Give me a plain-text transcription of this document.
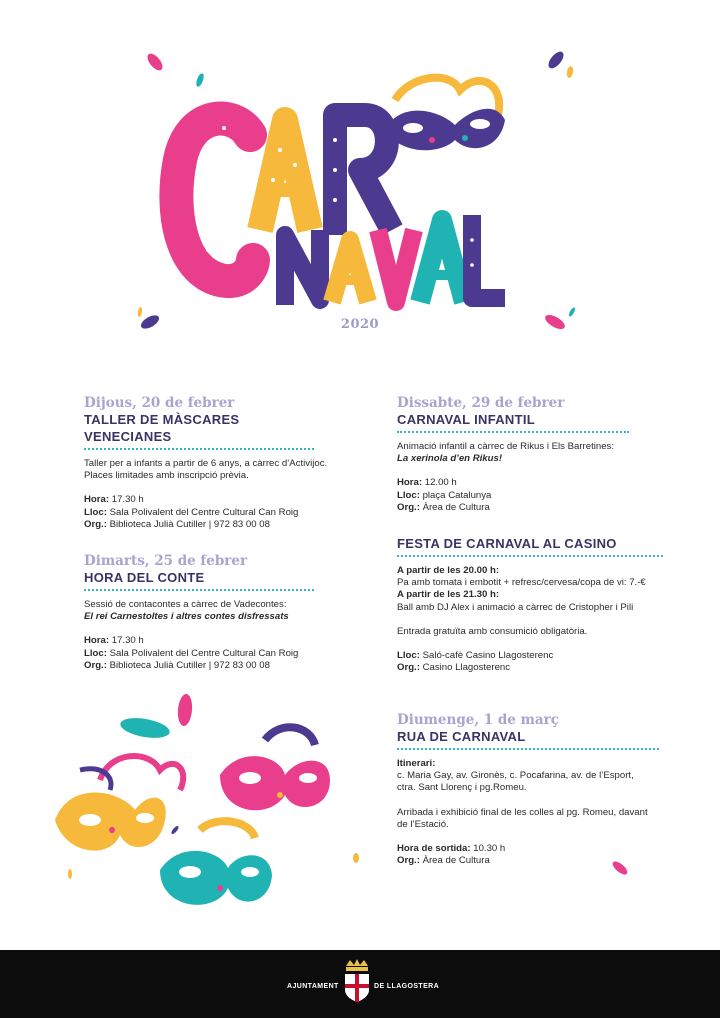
2020
Dijous, 20 de febrer
TALLER DE MÀSCARES VENECIANES

Taller per a infants a partir de 6 anys, a càrrec d’Activijoc.

Places limitades amb inscripció prèvia.

Hora: 17.30 h

Lloc: Sala Polivalent del Centre Cultural Can Roig

Org.: Biblioteca Julià Cutiller | 972 83 00 08

Dimarts, 25 de febrer
HORA DEL CONTE

Sessió de contacontes a càrrec de Vadecontes:

El rei Carnestoltes i altres contes disfressats

Hora: 17.30 h

Lloc: Sala Polivalent del Centre Cultural Can Roig

Org.: Biblioteca Julià Cutiller | 972 83 00 08

Dissabte, 29 de febrer
CARNAVAL INFANTIL

Animació infantil a càrrec de Rikus i Els Barretines:

La xerinola d’en Rikus!

Hora: 12.00 h

Lloc: plaça Catalunya

Org.: Àrea de Cultura

FESTA DE CARNAVAL AL CASINO

A partir de les 20.00 h:

Pa amb tomata i embotit + refresc/cervesa/copa de vi: 7.-€

A partir de les 21.30 h:

Ball amb DJ Alex i animació a càrrec de Cristopher i Pili

Entrada gratuïta amb consumició obligatòria.

Lloc: Saló-cafè Casino Llagosterenc

Org.: Casino Llagosterenc

Diumenge, 1 de març
RUA DE CARNAVAL

Itinerari:

c. Maria Gay, av. Gironès, c. Pocafarina, av. de l’Esport,

ctra. Sant Llorenç i pg.Romeu.

Arribada i exhibició final de les colles al pg. Romeu, davant

de l’Estació.

Hora de sortida: 10.30 h

Org.: Àrea de Cultura

AJUNTAMENT	DE LLAGOSTERA
